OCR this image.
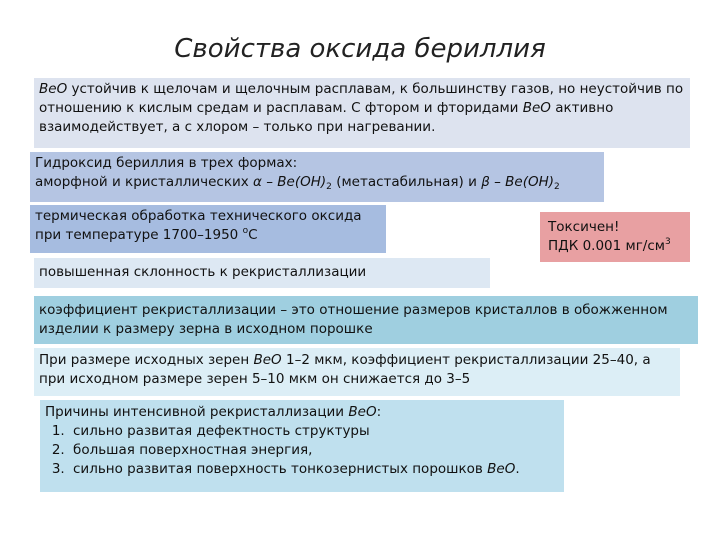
Свойства оксида бериллия
BeO устойчив к щелочам и щелочным расплавам, к большинству газов, но неустойчив по отношению к кислым средам и расплавам. С фтором и фторидами BeO активно взаимодействует, а с хлором – только при нагревании.
Гидроксид бериллия в трех формах:
аморфной и кристаллических α – $Be(OH)_2$ (метастабильная) и β – $Be(OH)_2$
термическая обработка технического оксида при температуре 1700–1950 $^o$С	Токсичен!
ПДК 0.001 $мг/см^3$
повышенная склонность к рекристаллизации
коэффициент рекристаллизации – это отношение размеров кристаллов в обожженном изделии к размеру зерна в исходном порошке
При размере исходных зерен BeO 1–2 мкм, коэффициент рекристаллизации 25–40, а при исходном размере зерен 5–10 мкм он снижается до 3–5
Причины интенсивной рекристаллизации BeO:
1. сильно развитая дефектность структуры
2. большая поверхностная энергия,
3. сильно развитая поверхность тонкозернистых порошков BeO.
